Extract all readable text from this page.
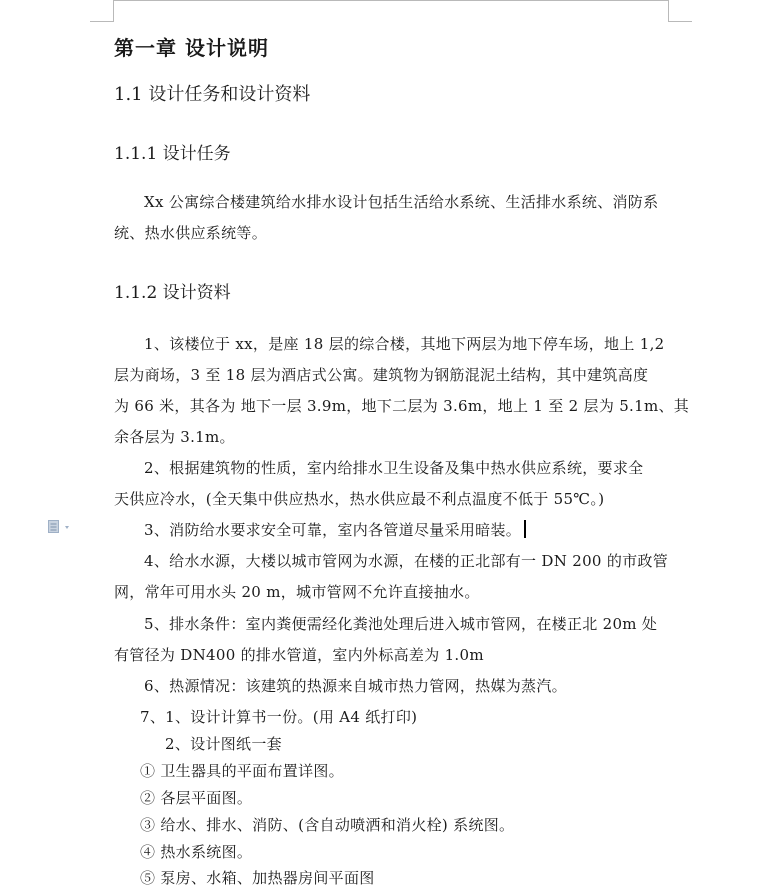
第一章 设计说明
1.1 设计任务和设计资料
1.1.1 设计任务
Xx 公寓综合楼建筑给水排水设计包括生活给水系统、生活排水系统、消防系统、热水供应系统等。
1.1.2 设计资料
1、该楼位于 xx，是座 18 层的综合楼，其地下两层为地下停车场，地上 1,2
层为商场，3 至 18 层为酒店式公寓。建筑物为钢筋混泥土结构，其中建筑高度
为 66 米，其各为 地下一层 3.9m，地下二层为 3.6m，地上 1 至 2 层为 5.1m、其
余各层为 3.1m。
2、根据建筑物的性质，室内给排水卫生设备及集中热水供应系统，要求全
天供应冷水，(全天集中供应热水，热水供应最不利点温度不低于 55℃。)
3、消防给水要求安全可靠，室内各管道尽量采用暗装。
4、给水水源，大楼以城市管网为水源，在楼的正北部有一 DN 200 的市政管
网，常年可用水头 20 m，城市管网不允许直接抽水。
5、排水条件：室内粪便需经化粪池处理后进入城市管网，在楼正北 20m 处
有管径为 DN400 的排水管道，室内外标高差为 1.0m
6、热源情况：该建筑的热源来自城市热力管网，热媒为蒸汽。
7、1、设计计算书一份。(用 A4 纸打印)
2、设计图纸一套
① 卫生器具的平面布置详图。
② 各层平面图。
③ 给水、排水、消防、(含自动喷洒和消火栓) 系统图。
④ 热水系统图。
⑤ 泵房、水箱、加热器房间平面图
